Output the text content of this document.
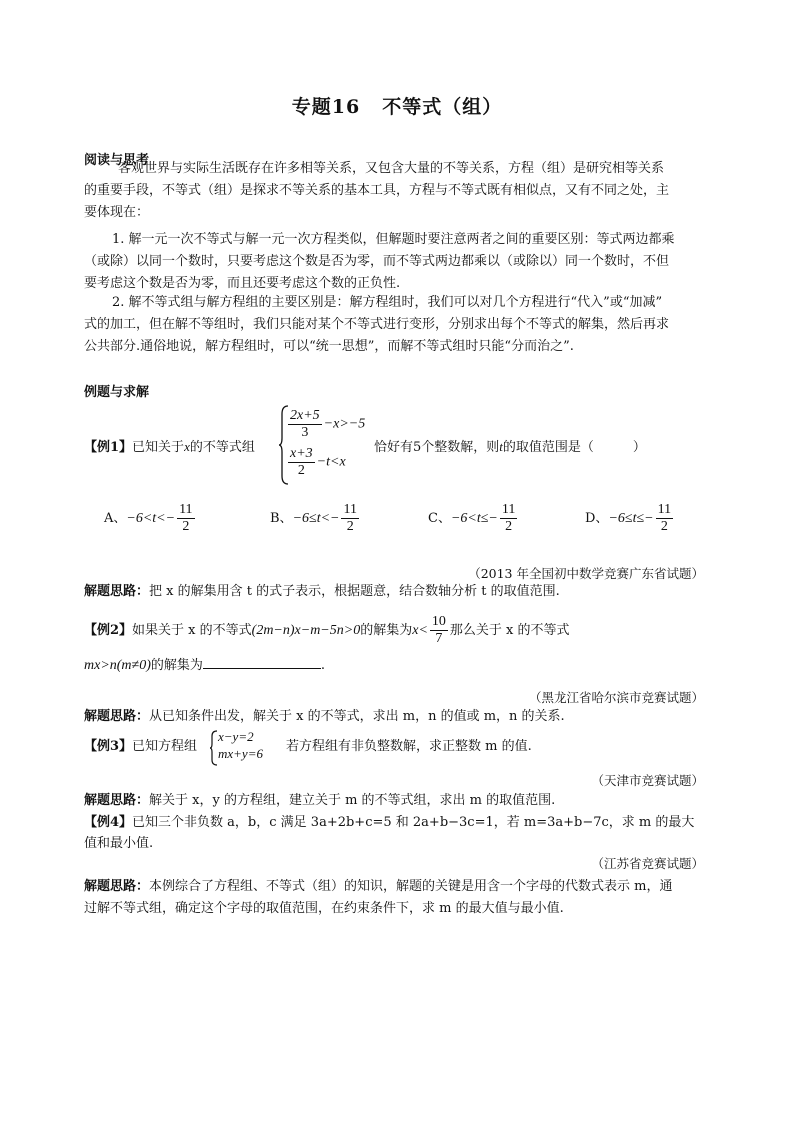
专题16 不等式（组）
阅读与思考
客观世界与实际生活既存在许多相等关系，又包含大量的不等关系，方程（组）是研究相等关系
的重要手段，不等式（组）是探求不等关系的基本工具，方程与不等式既有相似点，又有不同之处，主
要体现在：
1. 解一元一次不等式与解一元一次方程类似，但解题时要注意两者之间的重要区别：等式两边都乘
（或除）以同一个数时，只要考虑这个数是否为零，而不等式两边都乘以（或除以）同一个数时，不但
要考虑这个数是否为零，而且还要考虑这个数的正负性.
2. 解不等式组与解方程组的主要区别是：解方程组时，我们可以对几个方程进行“代入”或“加减”
式的加工，但在解不等组时，我们只能对某个不等式进行变形，分别求出每个不等式的解集，然后再求
公共部分.通俗地说，解方程组时，可以“统一思想”，而解不等式组时只能“分而治之”.
例题与求解
【例1】已知关于x的不等式组
$\frac{2x+5}{3} -x>-5$
$\frac{x+3}{2} -t<x$
恰好有5个整数解，则t的取值范围是（　　　）
A、$-6<t<- \frac{11}{2}$	B、$-6\le t<- \frac{11}{2}$	C、$-6<t\le- \frac{11}{2}$	D、$-6\le t\le- \frac{11}{2}$
（2013 年全国初中数学竞赛广东省试题）
解题思路：把 x 的解集用含 t 的式子表示，根据题意，结合数轴分析 t 的取值范围.
【例2】如果关于 x 的不等式(2m−n)x−m−5n>0的解集为$x< \frac{10}{7}$ 那么关于 x 的不等式
mx>n(m≠0)的解集为	.
（黑龙江省哈尔滨市竞赛试题）
解题思路：从已知条件出发，解关于 x 的不等式，求出 m，n 的值或 m，n 的关系.
【例3】已知方程组
x−y=2
mx+y=6 若方程组有非负整数解，求正整数 m 的值.
（天津市竞赛试题）
解题思路：解关于 x，y 的方程组，建立关于 m 的不等式组，求出 m 的取值范围.
【例4】已知三个非负数 a，b，c 满足 3a+2b+c=5 和 2a+b−3c=1，若 m=3a+b−7c，求 m 的最大
值和最小值.
（江苏省竞赛试题）
解题思路：本例综合了方程组、不等式（组）的知识，解题的关键是用含一个字母的代数式表示 m，通
过解不等式组，确定这个字母的取值范围，在约束条件下，求 m 的最大值与最小值.
